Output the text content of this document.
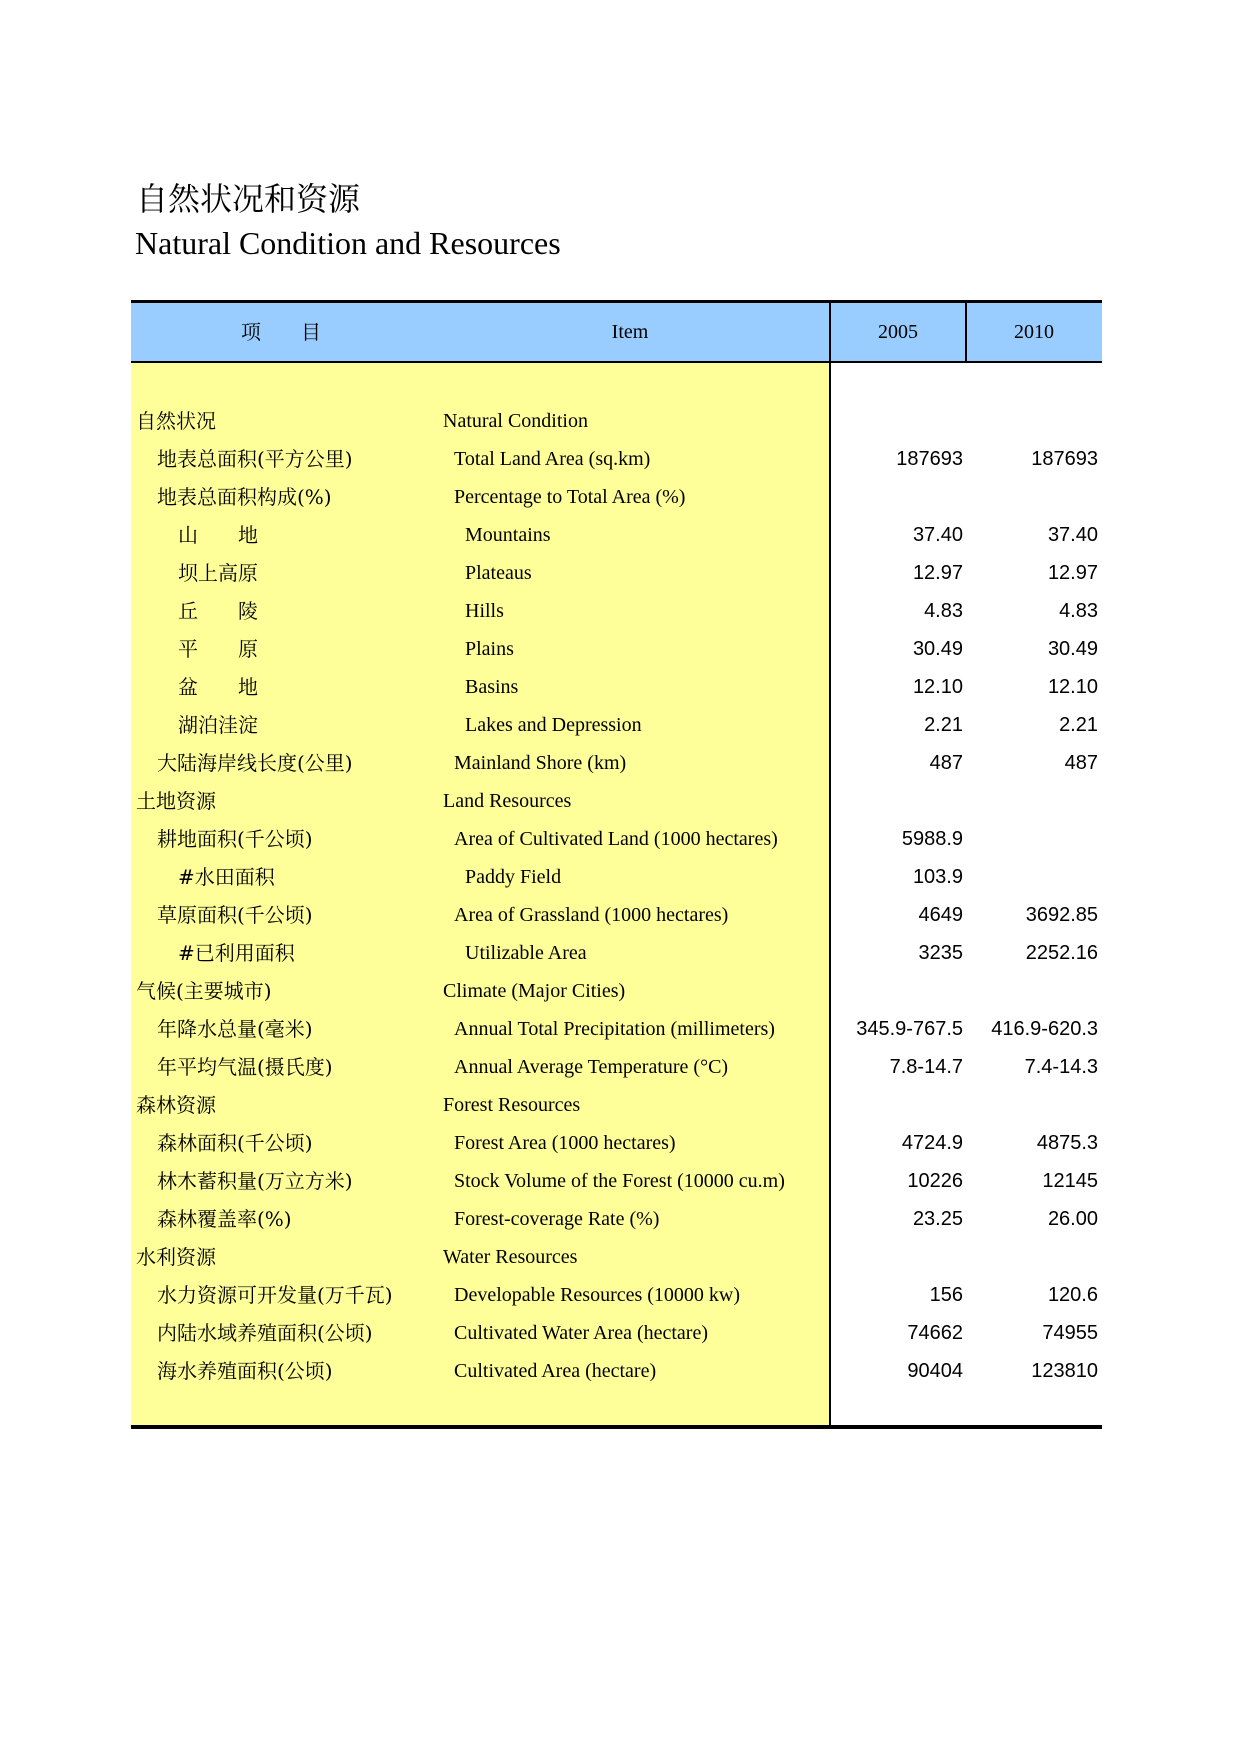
自然状况和资源
Natural Condition and Resources
项　　目	Item	2005	2010
自然状况	Natural Condition
地表总面积(平方公里)	Total Land Area (sq.km)	187693	187693
地表总面积构成(%)	Percentage to Total Area (%)
山　　地	Mountains	37.40	37.40
坝上高原	Plateaus	12.97	12.97
丘　　陵	Hills	4.83	4.83
平　　原	Plains	30.49	30.49
盆　　地	Basins	12.10	12.10
湖泊洼淀	Lakes and Depression	2.21	2.21
大陆海岸线长度(公里)	Mainland Shore (km)	487	487
土地资源	Land Resources
耕地面积(千公顷)	Area of Cultivated Land (1000 hectares)	5988.9
#水田面积	Paddy Field	103.9
草原面积(千公顷)	Area of Grassland (1000 hectares)	4649	3692.85
#已利用面积	Utilizable Area	3235	2252.16
气候(主要城市)	Climate (Major Cities)
年降水总量(毫米)	Annual Total Precipitation (millimeters)	345.9-767.5	416.9-620.3
年平均气温(摄氏度)	Annual Average Temperature (°C)	7.8-14.7	7.4-14.3
森林资源	Forest Resources
森林面积(千公顷)	Forest Area (1000 hectares)	4724.9	4875.3
林木蓄积量(万立方米)	Stock Volume of the Forest (10000 cu.m)	10226	12145
森林覆盖率(%)	Forest-coverage Rate (%)	23.25	26.00
水利资源	Water Resources
水力资源可开发量(万千瓦)	Developable Resources (10000 kw)	156	120.6
内陆水域养殖面积(公顷)	Cultivated Water Area (hectare)	74662	74955
海水养殖面积(公顷)	Cultivated Area (hectare)	90404	123810
